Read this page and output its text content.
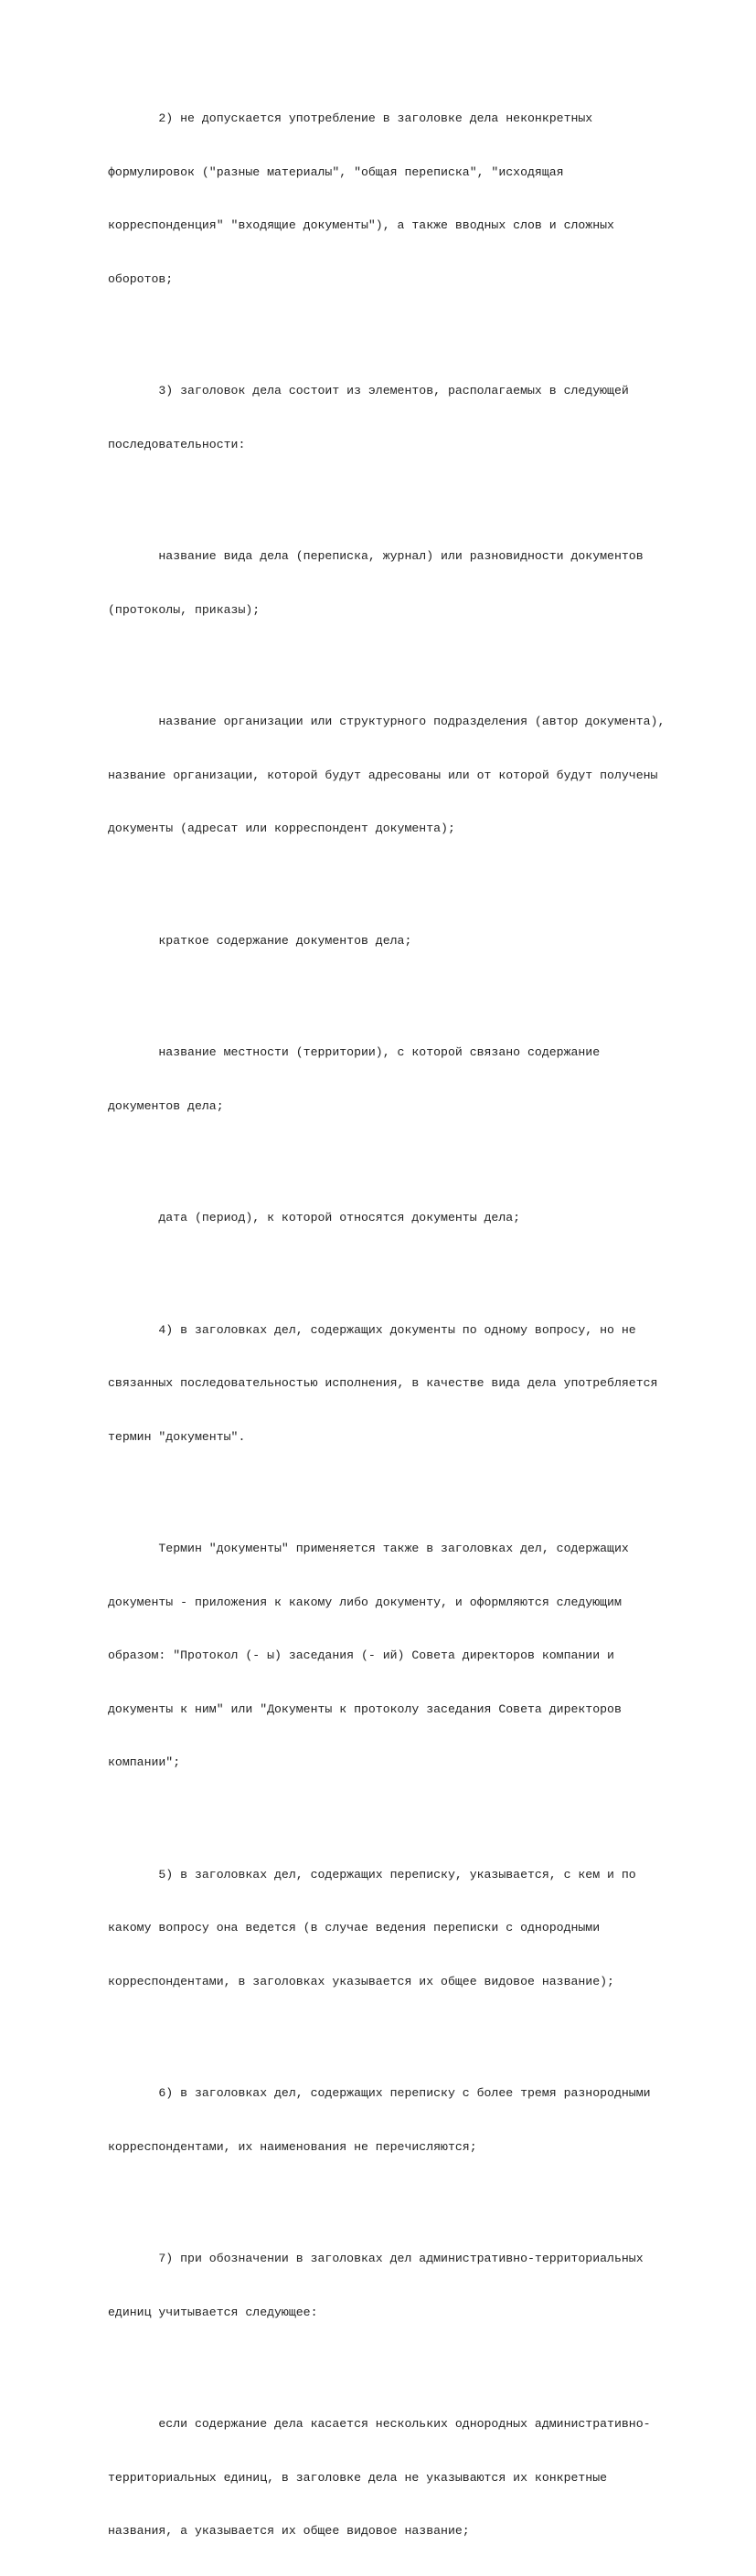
2) не допускается употребление в заголовке дела неконкретных

формулировок ("разные материалы", "общая переписка", "исходящая

корреспонденция" "входящие документы"), а также вводных слов и сложных

оборотов;

3) заголовок дела состоит из элементов, располагаемых в следующей

последовательности:

название вида дела (переписка, журнал) или разновидности документов

(протоколы, приказы);

название организации или структурного подразделения (автор документа),

название организации, которой будут адресованы или от которой будут получены

документы (адресат или корреспондент документа);

краткое содержание документов дела;

название местности (территории), с которой связано содержание

документов дела;

дата (период), к которой относятся документы дела;

4) в заголовках дел, содержащих документы по одному вопросу, но не

связанных последовательностью исполнения, в качестве вида дела употребляется

термин "документы".

Термин "документы" применяется также в заголовках дел, содержащих

документы - приложения к какому либо документу, и оформляются следующим

образом: "Протокол (- ы) заседания (- ий) Совета директоров компании и

документы к ним" или "Документы к протоколу заседания Совета директоров

компании";

5) в заголовках дел, содержащих переписку, указывается, с кем и по

какому вопросу она ведется (в случае ведения переписки с однородными

корреспондентами, в заголовках указывается их общее видовое название);

6) в заголовках дел, содержащих переписку с более тремя разнородными

корреспондентами, их наименования не перечисляются;

7) при обозначении в заголовках дел административно-территориальных

единиц учитывается следующее:

если содержание дела касается нескольких однородных административно-

территориальных единиц, в заголовке дела не указываются их конкретные

названия, а указывается их общее видовое название;
